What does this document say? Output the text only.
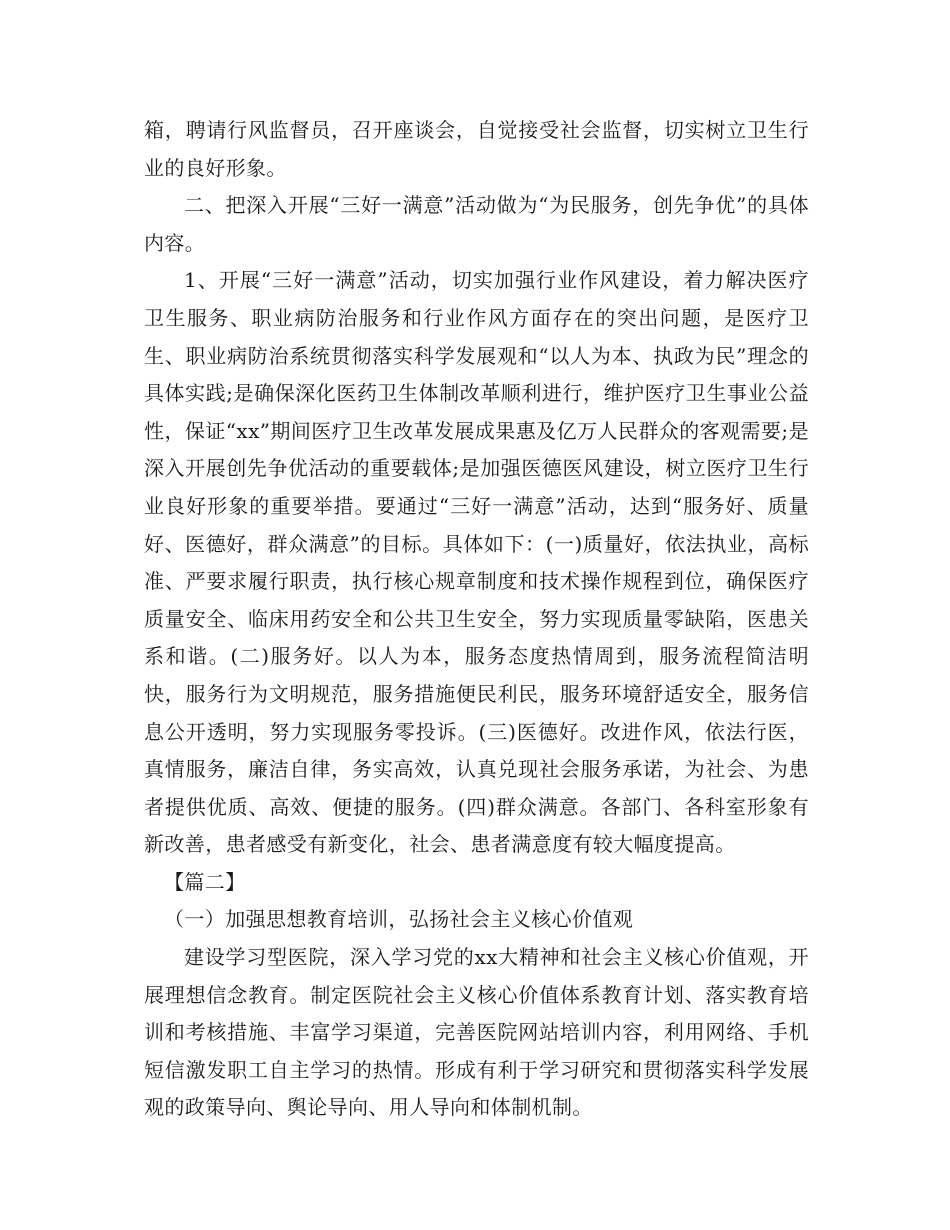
箱，聘请行风监督员，召开座谈会，自觉接受社会监督，切实树立卫生行业的良好形象。

二、把深入开展“三好一满意”活动做为“为民服务，创先争优”的具体内容。

1、开展“三好一满意”活动，切实加强行业作风建设，着力解决医疗卫生服务、职业病防治服务和行业作风方面存在的突出问题，是医疗卫生、职业病防治系统贯彻落实科学发展观和“以人为本、执政为民”理念的具体实践;是确保深化医药卫生体制改革顺利进行，维护医疗卫生事业公益性，保证“xx”期间医疗卫生改革发展成果惠及亿万人民群众的客观需要;是深入开展创先争优活动的重要载体;是加强医德医风建设，树立医疗卫生行业良好形象的重要举措。要通过“三好一满意”活动，达到“服务好、质量好、医德好，群众满意”的目标。具体如下：(一)质量好，依法执业，高标准、严要求履行职责，执行核心规章制度和技术操作规程到位，确保医疗质量安全、临床用药安全和公共卫生安全，努力实现质量零缺陷，医患关系和谐。(二)服务好。以人为本，服务态度热情周到，服务流程简洁明快，服务行为文明规范，服务措施便民利民，服务环境舒适安全，服务信息公开透明，努力实现服务零投诉。(三)医德好。改进作风，依法行医，真情服务，廉洁自律，务实高效，认真兑现社会服务承诺，为社会、为患者提供优质、高效、便捷的服务。(四)群众满意。各部门、各科室形象有新改善，患者感受有新变化，社会、患者满意度有较大幅度提高。

【篇二】

（一）加强思想教育培训，弘扬社会主义核心价值观

建设学习型医院，深入学习党的xx大精神和社会主义核心价值观，开展理想信念教育。制定医院社会主义核心价值体系教育计划、落实教育培训和考核措施、丰富学习渠道，完善医院网站培训内容，利用网络、手机短信激发职工自主学习的热情。形成有利于学习研究和贯彻落实科学发展观的政策导向、舆论导向、用人导向和体制机制。
